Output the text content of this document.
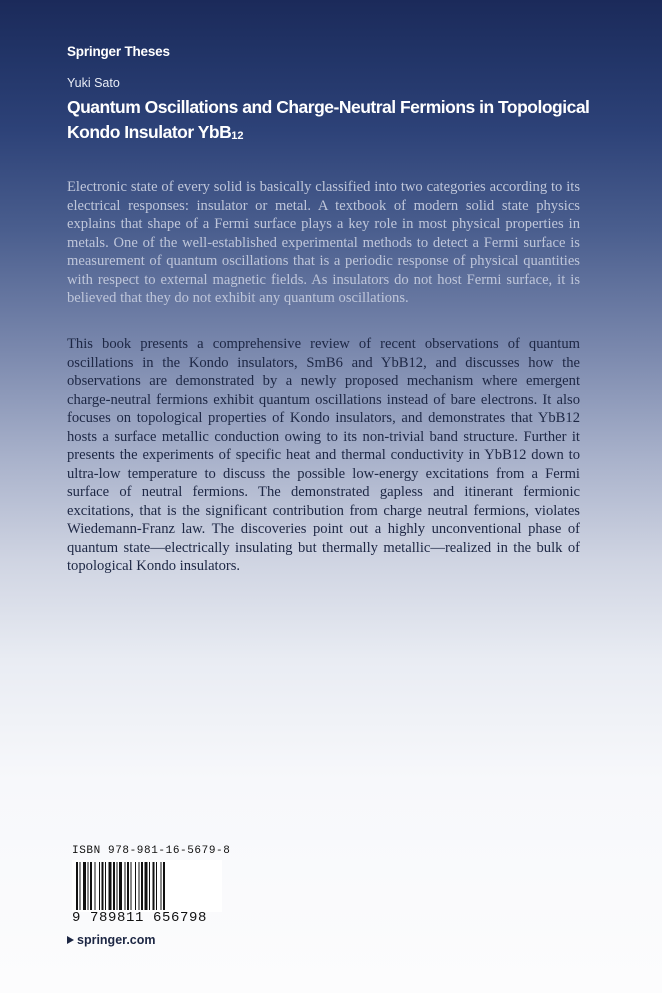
Springer Theses
Yuki Sato
Quantum Oscillations and Charge-Neutral Fermions in Topological Kondo Insulator YbB$_{12}$

Electronic state of every solid is basically classified into two categories according to its electrical responses: insulator or metal. A textbook of modern solid state physics explains that shape of a Fermi surface plays a key role in most physical properties in metals. One of the well-established experimental methods to detect a Fermi surface is measurement of quantum oscillations that is a periodic response of physical quantities with respect to external magnetic fields. As insulators do not host Fermi surface, it is believed that they do not exhibit any quantum oscillations.

This book presents a comprehensive review of recent observations of quantum oscillations in the Kondo insulators, SmB6 and YbB12, and discusses how the observations are demonstrated by a newly proposed mechanism where emergent charge-neutral fermions exhibit quantum oscillations instead of bare electrons. It also focuses on topological properties of Kondo insulators, and demonstrates that YbB12 hosts a surface metallic conduction owing to its non-trivial band structure. Further it presents the experiments of specific heat and thermal conductivity in YbB12 down to ultra-low temperature to discuss the possible low-energy excitations from a Fermi surface of neutral fermions. The demonstrated gapless and itinerant fermionic excitations, that is the significant contribution from charge neutral fermions, violates Wiedemann-Franz law. The discoveries point out a highly unconventional phase of quantum state—electrically insulating but thermally metallic—realized in the bulk of topological Kondo insulators.

ISBN 978-981-16-5679-8
9 789811 656798
springer.com
